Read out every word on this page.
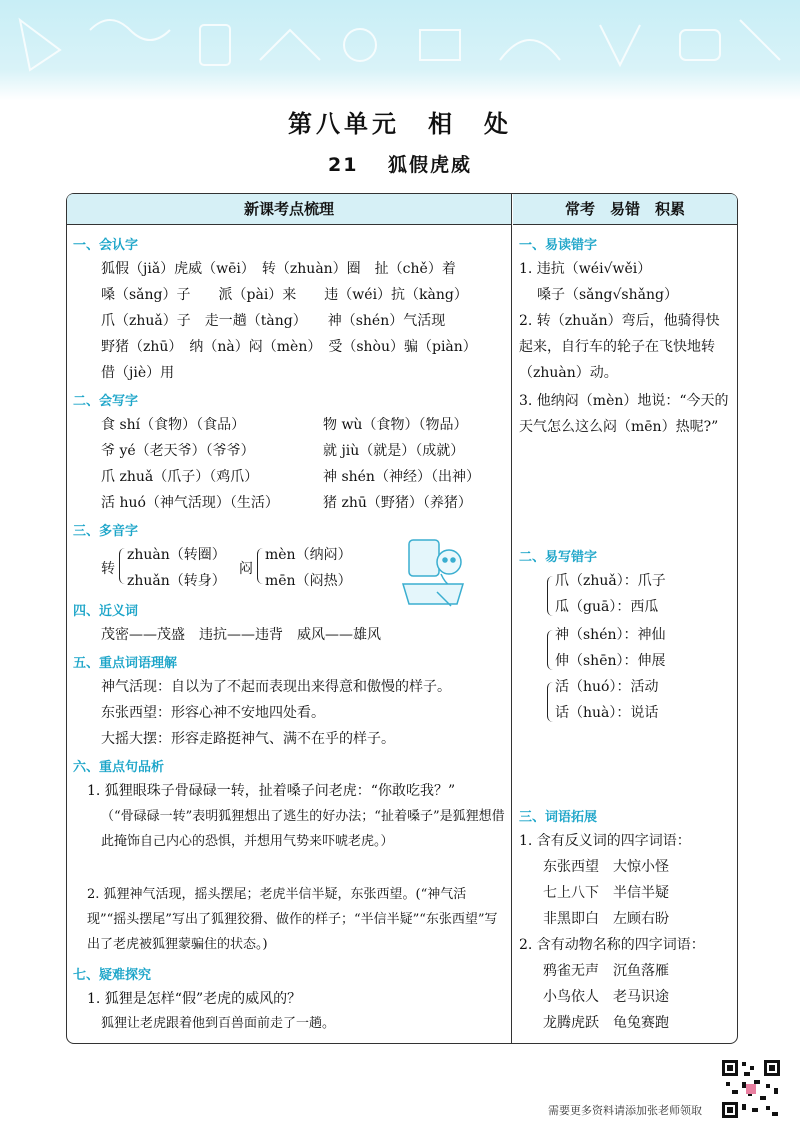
第八单元　相　处
21　 狐假虎威
新课考点梳理	常考　易错　积累
一、会认字
狐假（jiǎ）虎威（wēi）　转（zhuàn）圈　扯（chě）着
嗓（sǎng）子　　派（pài）来　　违（wéi）抗（kàng）
爪（zhuǎ）子　走一趟（tàng）　　神（shén）气活现
野猪（zhū）　纳（nà）闷（mèn）　受（shòu）骗（piàn）
借（jiè）用
二、会写字
食 shí（食物）（食品）
爷 yé（老天爷）（爷爷）
爪 zhuǎ（爪子）（鸡爪）
活 huó（神气活现）（生活）
物 wù（食物）（物品）
就 jiù（就是）（成就）
神 shén（神经）（出神）
猪 zhū（野猪）（养猪）
三、多音字
转
zhuàn（转圈）
zhuǎn（转身）
闷
mèn（纳闷）
mēn（闷热）
四、近义词
茂密——茂盛　违抗——违背　威风——雄风
五、重点词语理解
神气活现：自以为了不起而表现出来得意和傲慢的样子。
东张西望：形容心神不安地四处看。
大摇大摆：形容走路挺神气、满不在乎的样子。
六、重点句品析
1. 狐狸眼珠子骨碌碌一转，扯着嗓子问老虎：“你敢吃我？”
（“骨碌碌一转”表明狐狸想出了逃生的好办法；“扯着嗓子”是狐狸想借此掩饰自己内心的恐惧，并想用气势来吓唬老虎。）
2. 狐狸神气活现，摇头摆尾；老虎半信半疑，东张西望。(“神气活现”“摇头摆尾”写出了狐狸狡猾、做作的样子；“半信半疑”“东张西望”写出了老虎被狐狸蒙骗住的状态。)
七、疑难探究
1. 狐狸是怎样“假”老虎的威风的？
狐狸让老虎跟着他到百兽面前走了一趟。
一、易读错字
1. 违抗（wéi√wěi）
嗓子（sǎng√shǎng）
2. 转（zhuǎn）弯后，他骑得快起来，自行车的轮子在飞快地转（zhuàn）动。
3. 他纳闷（mèn）地说：“今天的天气怎么这么闷（mēn）热呢?”
二、易写错字
爪（zhuǎ）：爪子
瓜（guā）：西瓜
神（shén）：神仙
伸（shēn）：伸展
活（huó）：活动
话（huà）：说话
三、词语拓展
1. 含有反义词的四字词语：
东张西望　大惊小怪
七上八下　半信半疑
非黑即白　左顾右盼
2. 含有动物名称的四字词语：
鸦雀无声　沉鱼落雁
小鸟依人　老马识途
龙腾虎跃　龟兔赛跑
需要更多资料请添加张老师领取
